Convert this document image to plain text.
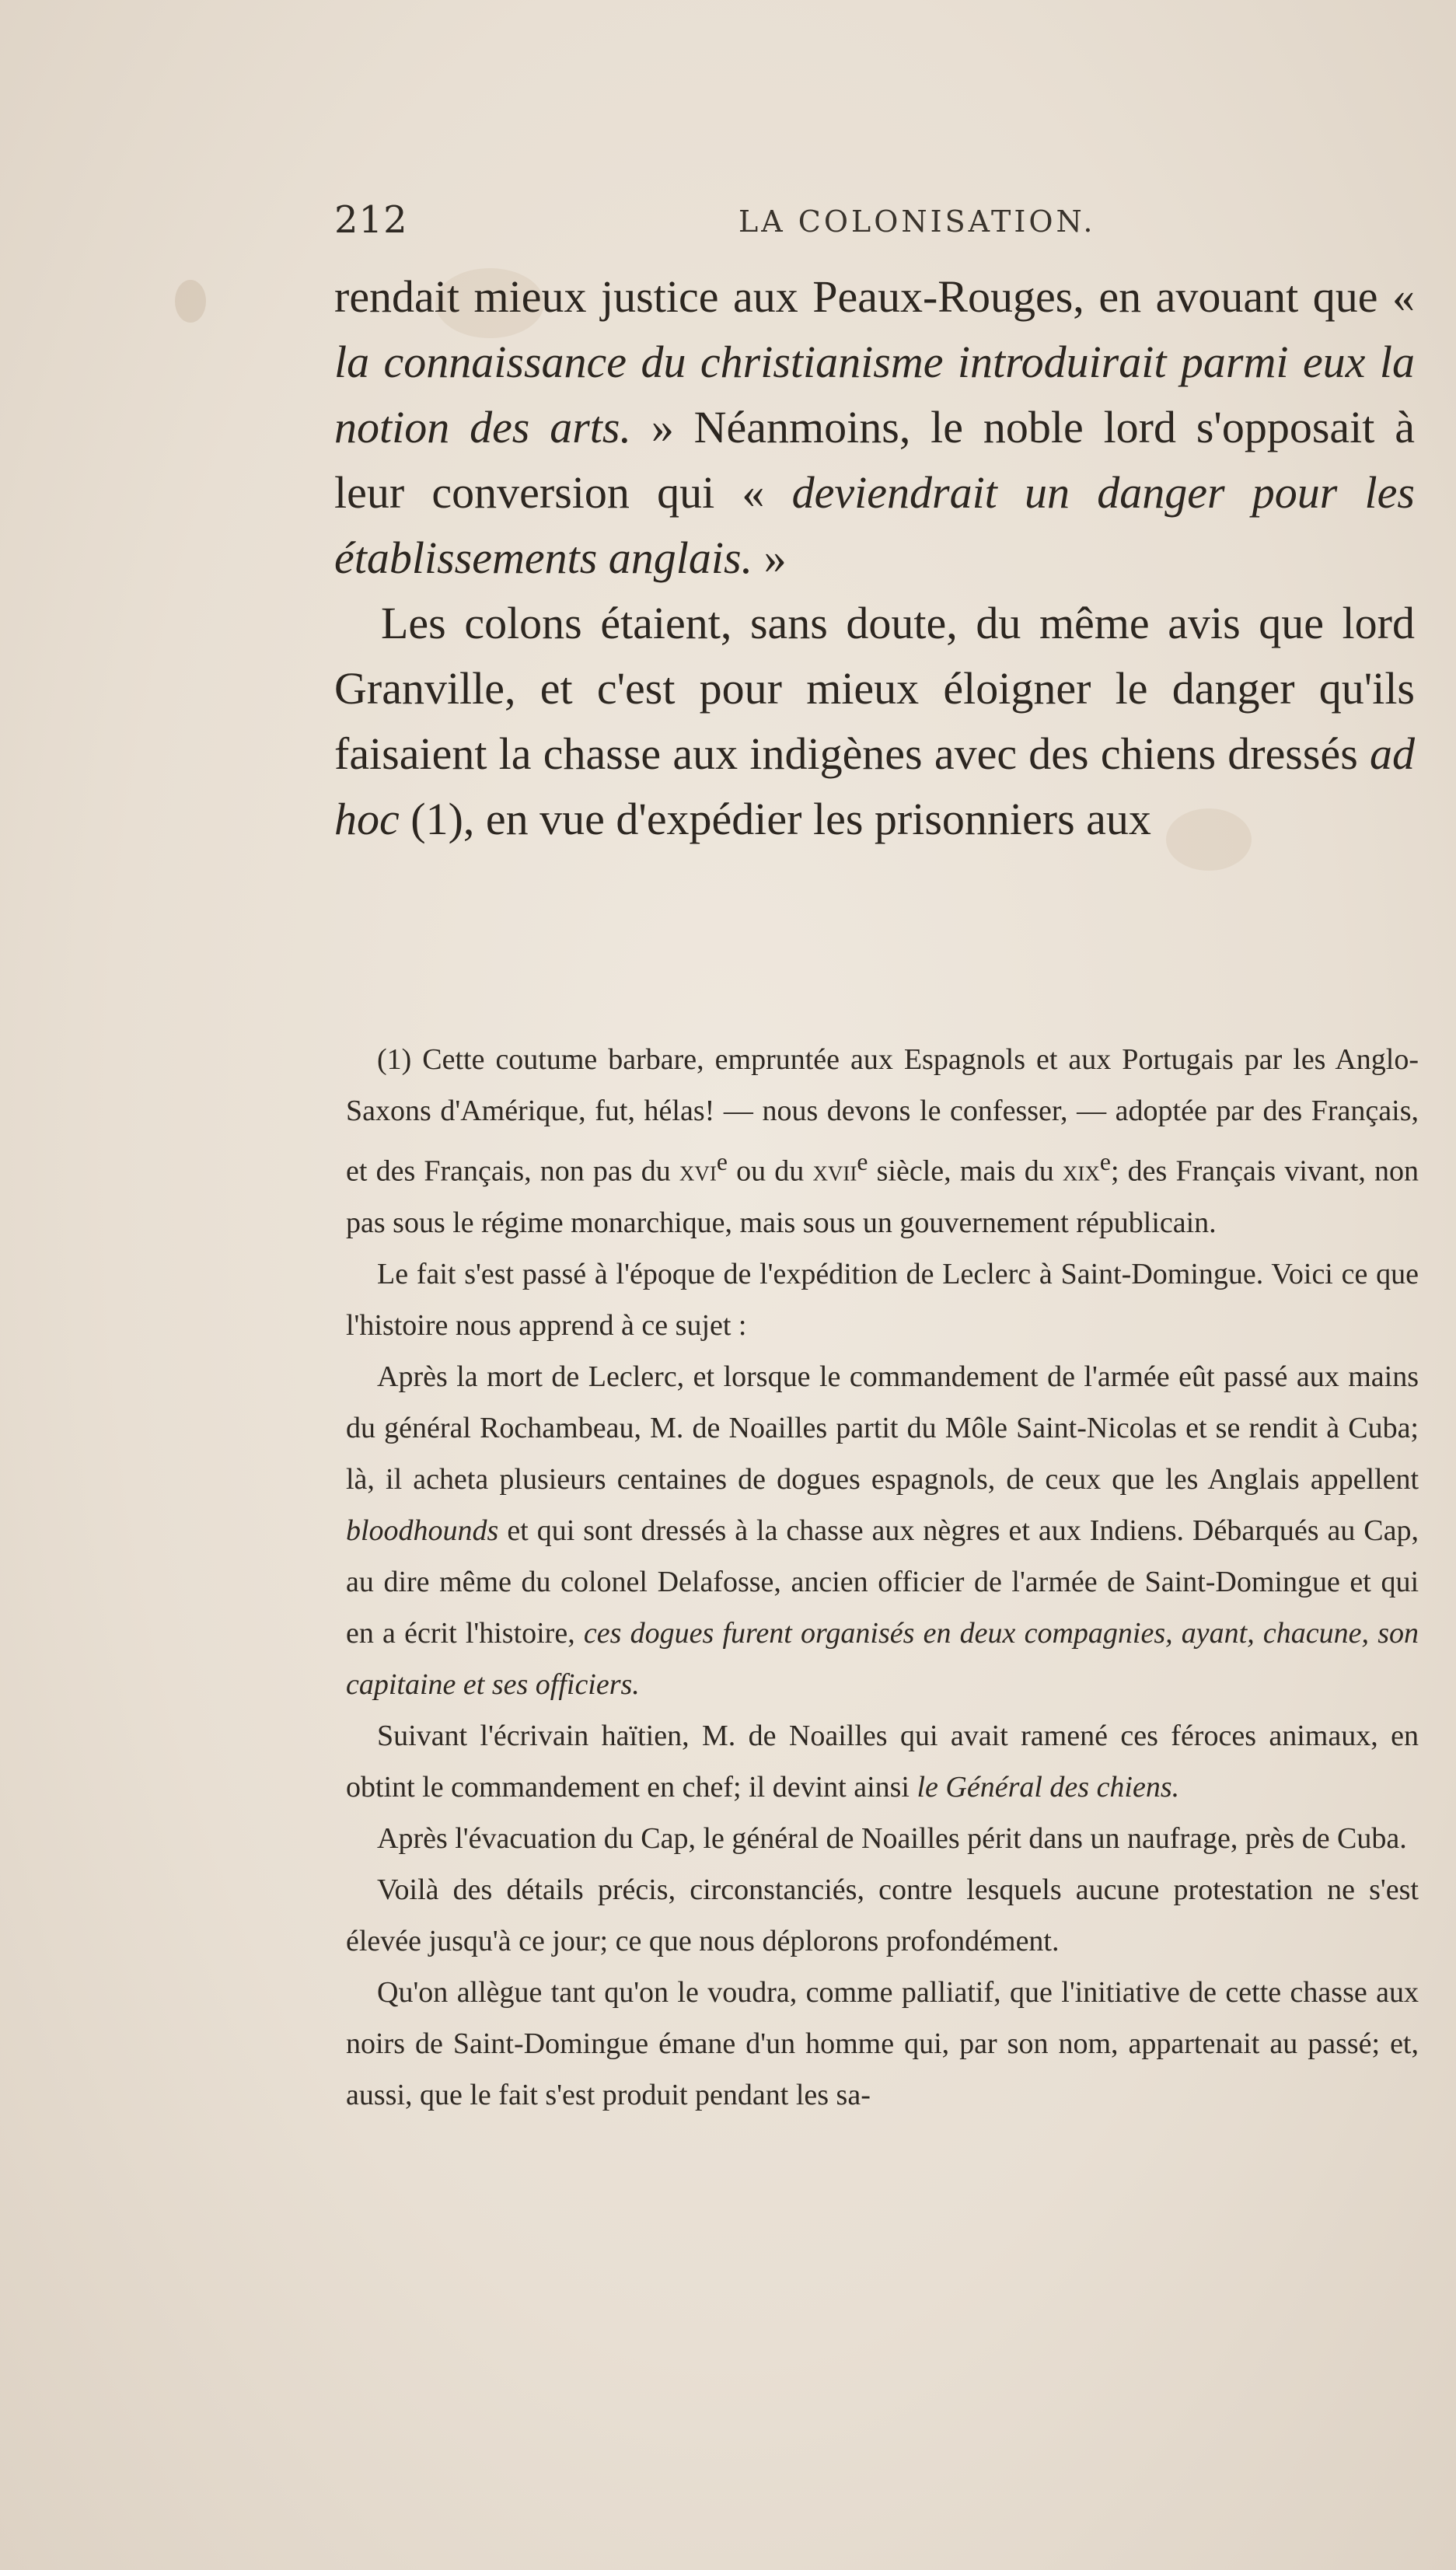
212	LA COLONISATION.

rendait mieux justice aux Peaux-Rouges, en avouant que « la connaissance du christianisme introduirait parmi eux la notion des arts. » Néanmoins, le noble lord s'opposait à leur conversion qui « deviendrait un danger pour les établissements anglais. »

Les colons étaient, sans doute, du même avis que lord Granville, et c'est pour mieux éloigner le danger qu'ils faisaient la chasse aux indigènes avec des chiens dressés ad hoc (1), en vue d'expédier les prisonniers aux

(1) Cette coutume barbare, empruntée aux Espagnols et aux Portugais par les Anglo-Saxons d'Amérique, fut, hélas! — nous devons le confesser, — adoptée par des Français, et des Français, non pas du xvi$^e$ ou du xvii$^e$ siècle, mais du xix$^e$; des Français vivant, non pas sous le régime monarchique, mais sous un gouvernement républicain.

Le fait s'est passé à l'époque de l'expédition de Leclerc à Saint-Domingue. Voici ce que l'histoire nous apprend à ce sujet :

Après la mort de Leclerc, et lorsque le commandement de l'armée eût passé aux mains du général Rochambeau, M. de Noailles partit du Môle Saint-Nicolas et se rendit à Cuba; là, il acheta plusieurs centaines de dogues espagnols, de ceux que les Anglais appellent bloodhounds et qui sont dressés à la chasse aux nègres et aux Indiens. Débarqués au Cap, au dire même du colonel Delafosse, ancien officier de l'armée de Saint-Domingue et qui en a écrit l'histoire, ces dogues furent organisés en deux compagnies, ayant, chacune, son capitaine et ses officiers.

Suivant l'écrivain haïtien, M. de Noailles qui avait ramené ces féroces animaux, en obtint le commandement en chef; il devint ainsi le Général des chiens.

Après l'évacuation du Cap, le général de Noailles périt dans un naufrage, près de Cuba.

Voilà des détails précis, circonstanciés, contre lesquels aucune protestation ne s'est élevée jusqu'à ce jour; ce que nous déplorons profondément.

Qu'on allègue tant qu'on le voudra, comme palliatif, que l'initiative de cette chasse aux noirs de Saint-Domingue émane d'un homme qui, par son nom, appartenait au passé; et, aussi, que le fait s'est produit pendant les sa-
